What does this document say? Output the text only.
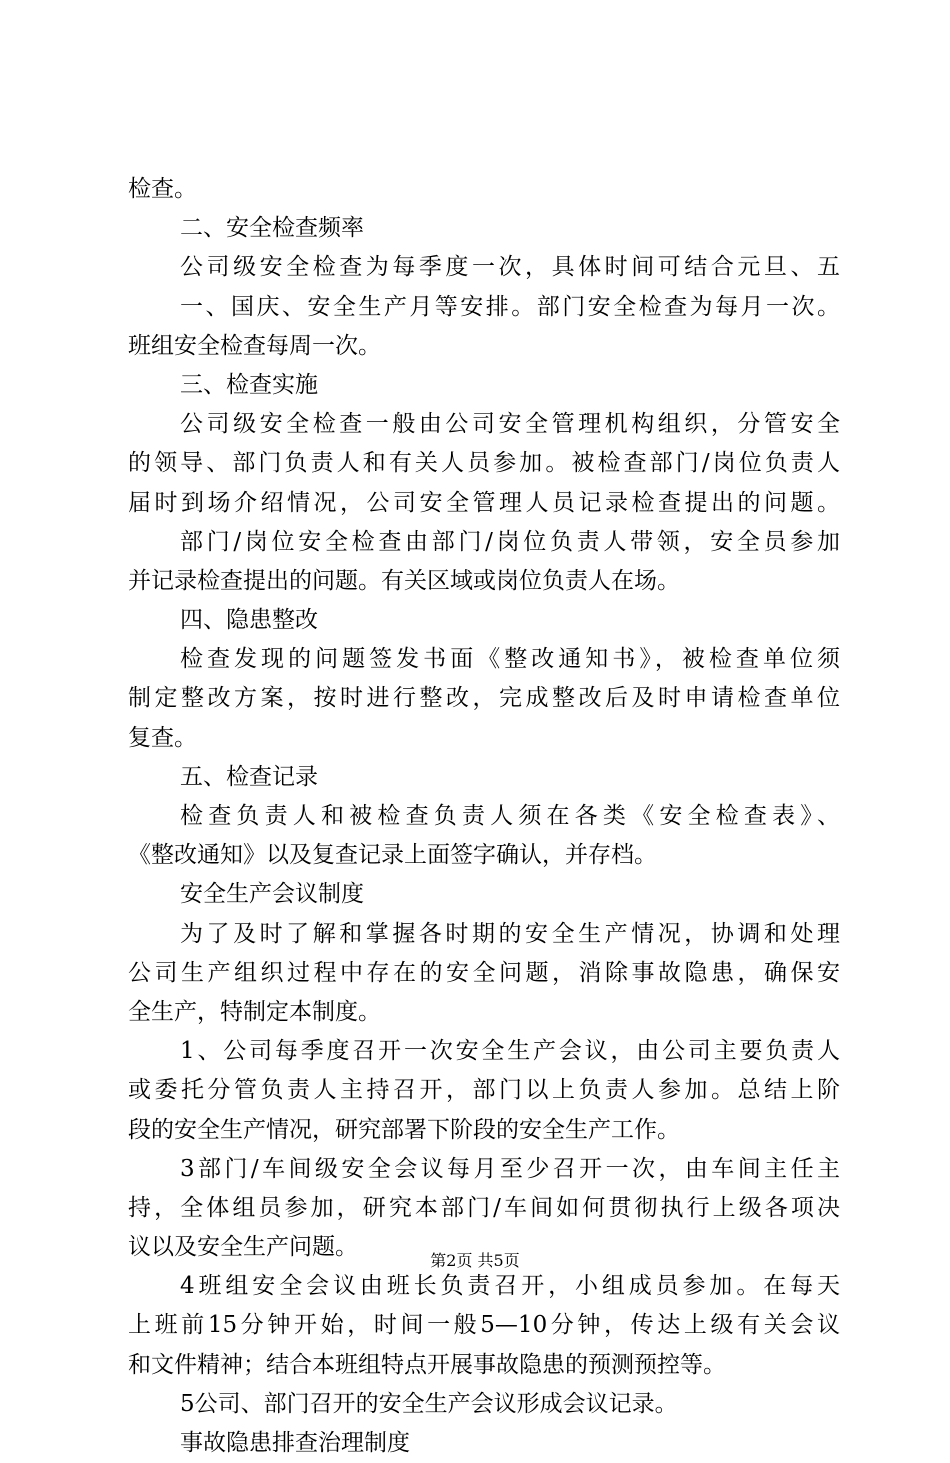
检查。
二、安全检查频率
公司级安全检查为每季度一次，具体时间可结合元旦、五
一、国庆、安全生产月等安排。部门安全检查为每月一次。
班组安全检查每周一次。
三、检查实施
公司级安全检查一般由公司安全管理机构组织，分管安全
的领导、部门负责人和有关人员参加。被检查部门/岗位负责人
届时到场介绍情况，公司安全管理人员记录检查提出的问题。
部门/岗位安全检查由部门/岗位负责人带领，安全员参加
并记录检查提出的问题。有关区域或岗位负责人在场。
四、隐患整改
检查发现的问题签发书面《整改通知书》，被检查单位须
制定整改方案，按时进行整改，完成整改后及时申请检查单位
复查。
五、检查记录
检查负责人和被检查负责人须在各类《安全检查表》、
《整改通知》以及复查记录上面签字确认，并存档。
安全生产会议制度
为了及时了解和掌握各时期的安全生产情况，协调和处理
公司生产组织过程中存在的安全问题，消除事故隐患，确保安
全生产，特制定本制度。
1、公司每季度召开一次安全生产会议，由公司主要负责人
或委托分管负责人主持召开，部门以上负责人参加。总结上阶
段的安全生产情况，研究部署下阶段的安全生产工作。
3部门/车间级安全会议每月至少召开一次，由车间主任主
持，全体组员参加，研究本部门/车间如何贯彻执行上级各项决
议以及安全生产问题。
4班组安全会议由班长负责召开，小组成员参加。在每天
上班前15分钟开始，时间一般5—10分钟，传达上级有关会议
和文件精神；结合本班组特点开展事故隐患的预测预控等。
5公司、部门召开的安全生产会议形成会议记录。
事故隐患排查治理制度
第2页 共5页
